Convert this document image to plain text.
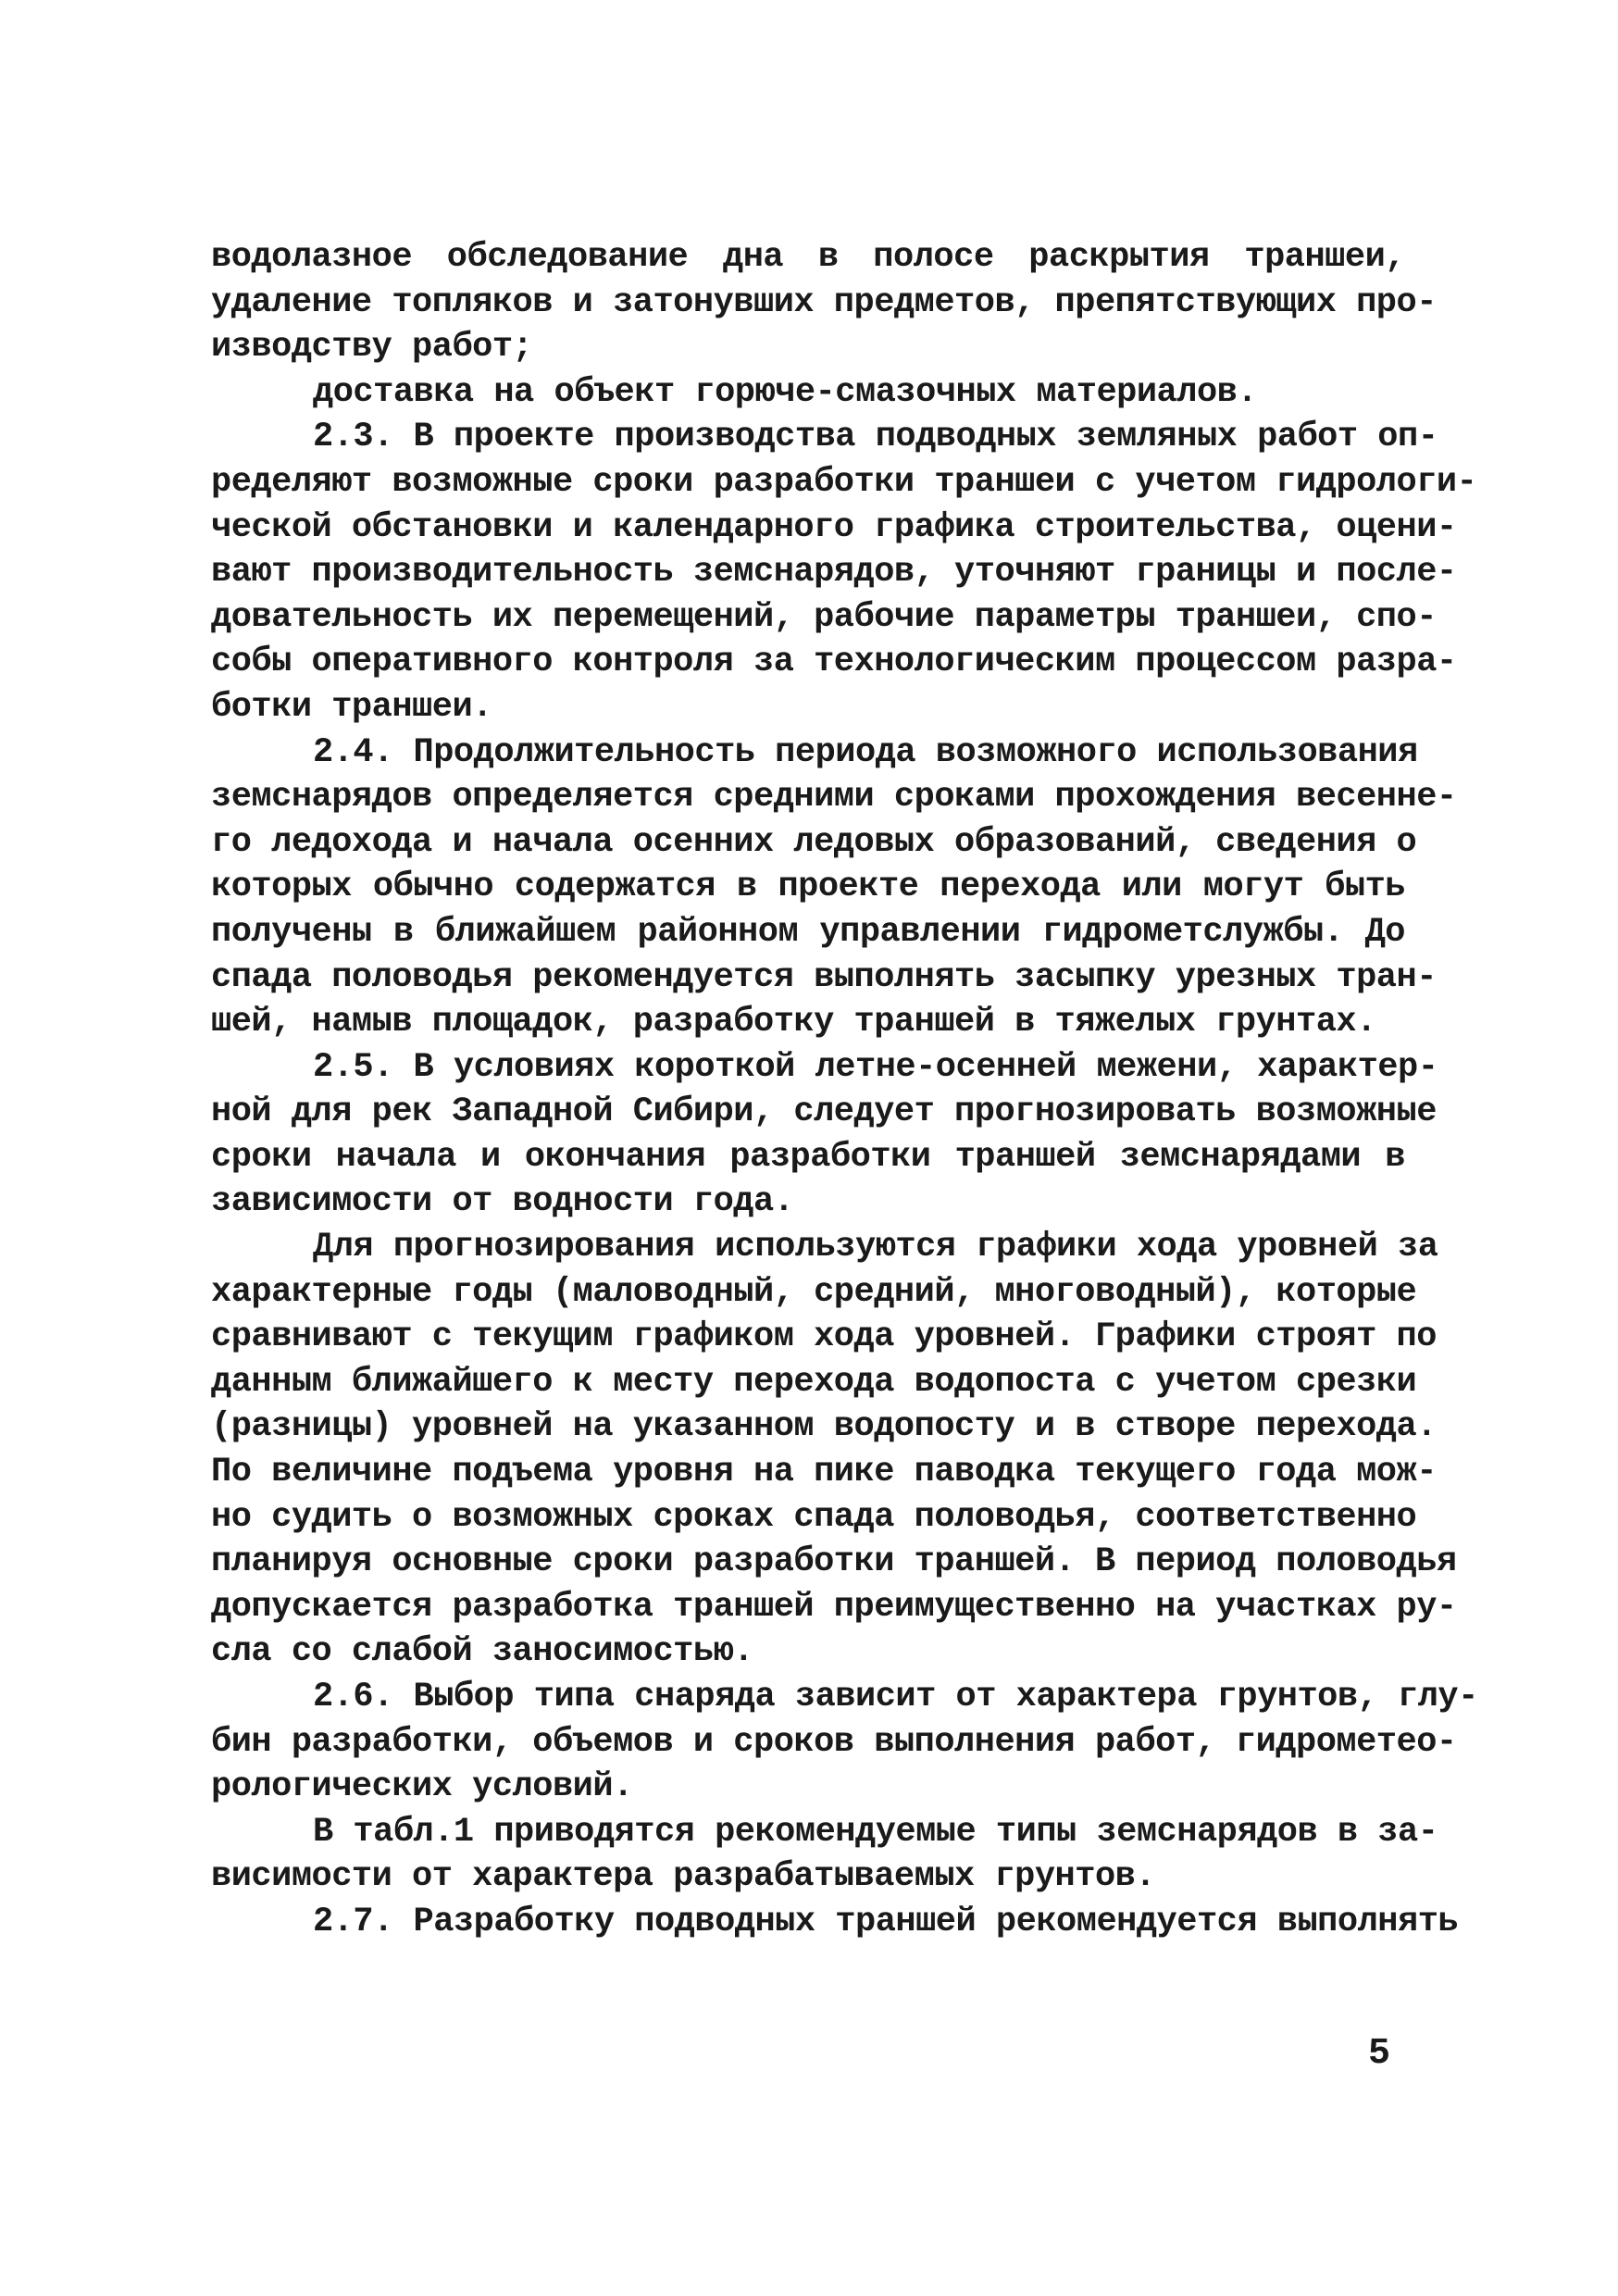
водолазное обследование дна в полосе раскрытия траншеи,
удаление топляков и затонувших предметов, препятствующих про-
изводству работ;
доставка на объект горюче-смазочных материалов.
2.3. В проекте производства подводных земляных работ оп-
ределяют возможные сроки разработки траншеи с учетом гидрологи-
ческой обстановки и календарного графика строительства, оцени-
вают производительность земснарядов, уточняют границы и после-
довательность их перемещений, рабочие параметры траншеи, спо-
собы оперативного контроля за технологическим процессом разра-
ботки траншеи.
2.4. Продолжительность периода возможного использования
земснарядов определяется средними сроками прохождения весенне-
го ледохода и начала осенних ледовых образований, сведения о
которых обычно содержатся в проекте перехода или могут быть
получены в ближайшем районном управлении гидрометслужбы. До
спада половодья рекомендуется выполнять засыпку урезных тран-
шей, намыв площадок, разработку траншей в тяжелых грунтах.
2.5. В условиях короткой летне-осенней межени, характер-
ной для рек Западной Сибири, следует прогнозировать возможные
сроки начала и окончания разработки траншей земснарядами в
зависимости от водности года.
Для прогнозирования используются графики хода уровней за
характерные годы (маловодный, средний, многоводный), которые
сравнивают с текущим графиком хода уровней. Графики строят по
данным ближайшего к месту перехода водопоста с учетом срезки
(разницы) уровней на указанном водопосту и в створе перехода.
По величине подъема уровня на пике паводка текущего года мож-
но судить о возможных сроках спада половодья, соответственно
планируя основные сроки разработки траншей. В период половодья
допускается разработка траншей преимущественно на участках ру-
сла со слабой заносимостью.
2.6. Выбор типа снаряда зависит от характера грунтов, глу-
бин разработки, объемов и сроков выполнения работ, гидрометео-
рологических условий.
В табл.1 приводятся рекомендуемые типы земснарядов в за-
висимости от характера разрабатываемых грунтов.
2.7. Разработку подводных траншей рекомендуется выполнять
5
